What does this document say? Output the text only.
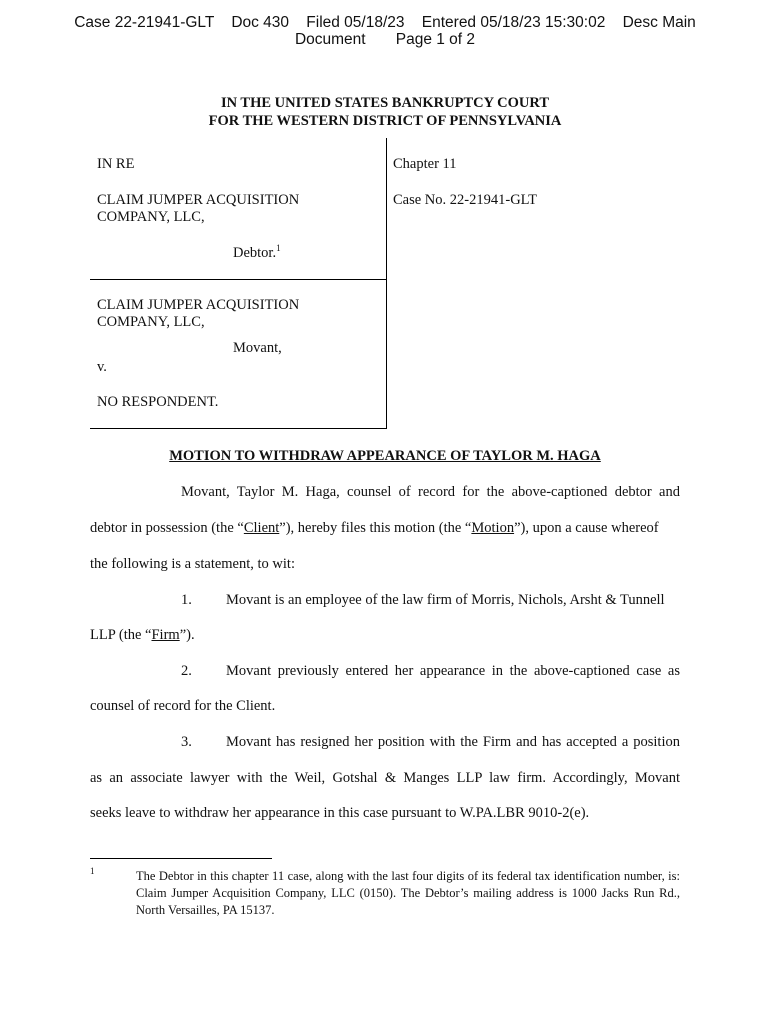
Case 22-21941-GLT Doc 430 Filed 05/18/23 Entered 05/18/23 15:30:02 Desc Main
Document Page 1 of 2
IN THE UNITED STATES BANKRUPTCY COURT
FOR THE WESTERN DISTRICT OF PENNSYLVANIA
IN RE
CLAIM JUMPER ACQUISITION
COMPANY, LLC,
Debtor.$^1$
CLAIM JUMPER ACQUISITION
COMPANY, LLC,
Movant,
v.
NO RESPONDENT.
Chapter 11
Case No. 22-21941-GLT
MOTION TO WITHDRAW APPEARANCE OF TAYLOR M. HAGA
Movant, Taylor M. Haga, counsel of record for the above-captioned debtor and
debtor in possession (the “Client”), hereby files this motion (the “Motion”), upon a cause whereof
the following is a statement, to wit:
1. Movant is an employee of the law firm of Morris, Nichols, Arsht & Tunnell
LLP (the “Firm”).
2. Movant previously entered her appearance in the above-captioned case as
counsel of record for the Client.
3. Movant has resigned her position with the Firm and has accepted a position
as an associate lawyer with the Weil, Gotshal & Manges LLP law firm. Accordingly, Movant
seeks leave to withdraw her appearance in this case pursuant to W.PA.LBR 9010-2(e).
1	The Debtor in this chapter 11 case, along with the last four digits of its federal tax identification number, is: Claim Jumper Acquisition Company, LLC (0150). The Debtor’s mailing address is 1000 Jacks Run Rd., North Versailles, PA 15137.
